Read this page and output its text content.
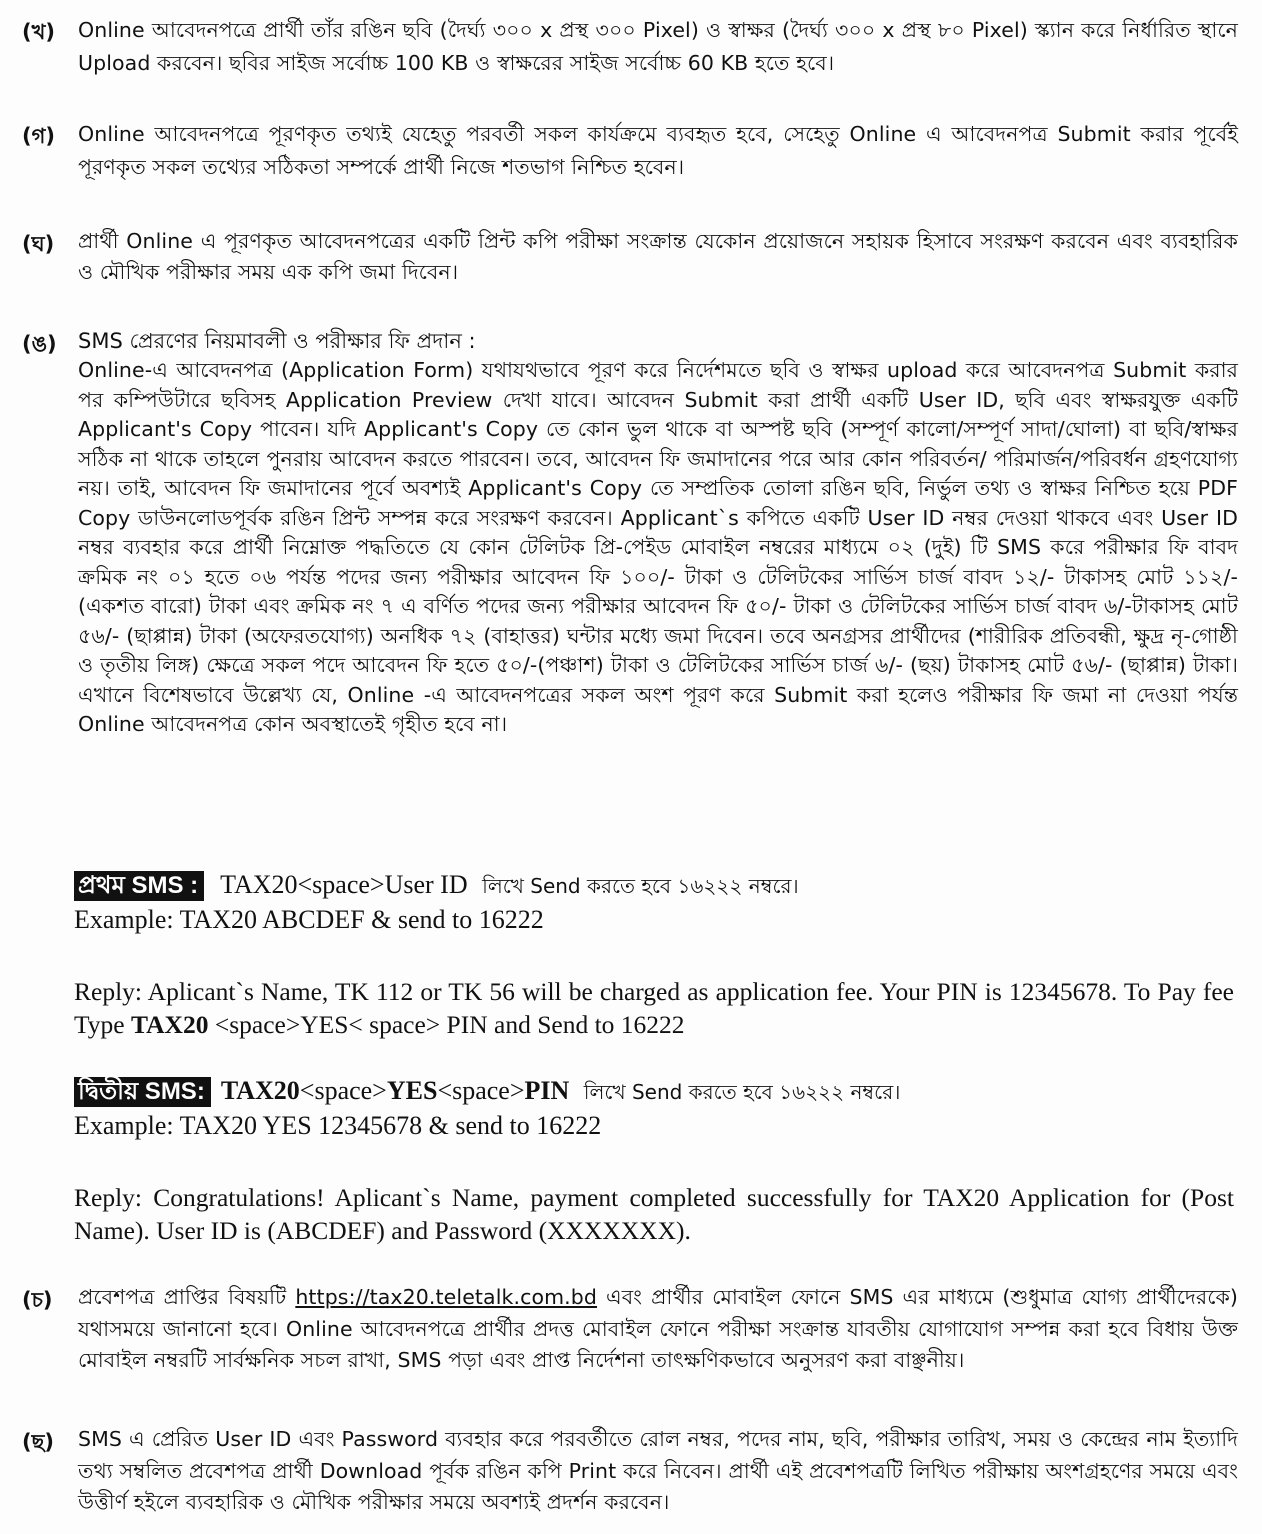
(খ)	Online আবেদনপত্রে প্রার্থী তাঁর রঙিন ছবি (দৈর্ঘ্য ৩০০ x প্রস্থ ৩০০ Pixel) ও স্বাক্ষর (দৈর্ঘ্য ৩০০ x প্রস্থ ৮০ Pixel) স্ক্যান করে নির্ধারিত স্থানে Upload করবেন। ছবির সাইজ সর্বোচ্চ 100 KB ও স্বাক্ষরের সাইজ সর্বোচ্চ 60 KB হতে হবে।
(গ)	Online আবেদনপত্রে পূরণকৃত তথ্যই যেহেতু পরবর্তী সকল কার্যক্রমে ব্যবহৃত হবে, সেহেতু Online এ আবেদনপত্র Submit করার পূর্বেই পূরণকৃত সকল তথ্যের সঠিকতা সম্পর্কে প্রার্থী নিজে শতভাগ নিশ্চিত হবেন।
(ঘ)	প্রার্থী Online এ পূরণকৃত আবেদনপত্রের একটি প্রিন্ট কপি পরীক্ষা সংক্রান্ত যেকোন প্রয়োজনে সহায়ক হিসাবে সংরক্ষণ করবেন এবং ব্যবহারিক ও মৌখিক পরীক্ষার সময় এক কপি জমা দিবেন।
(ঙ)	SMS প্রেরণের নিয়মাবলী ও পরীক্ষার ফি প্রদান :
Online-এ আবেদনপত্র (Application Form) যথাযথভাবে পূরণ করে নির্দেশমতে ছবি ও স্বাক্ষর upload করে আবেদনপত্র Submit করার পর কম্পিউটারে ছবিসহ Application Preview দেখা যাবে। আবেদন Submit করা প্রার্থী একটি User ID, ছবি এবং স্বাক্ষরযুক্ত একটি Applicant's Copy পাবেন। যদি Applicant's Copy তে কোন ভুল থাকে বা অস্পষ্ট ছবি (সম্পূর্ণ কালো/সম্পূর্ণ সাদা/ঘোলা) বা ছবি/স্বাক্ষর সঠিক না থাকে তাহলে পুনরায় আবেদন করতে পারবেন। তবে, আবেদন ফি জমাদানের পরে আর কোন পরিবর্তন/ পরিমার্জন/পরিবর্ধন গ্রহণযোগ্য নয়। তাই, আবেদন ফি জমাদানের পূর্বে অবশ্যই Applicant's Copy তে সম্প্রতিক তোলা রঙিন ছবি, নির্ভুল তথ্য ও স্বাক্ষর নিশ্চিত হয়ে PDF Copy ডাউনলোডপূর্বক রঙিন প্রিন্ট সম্পন্ন করে সংরক্ষণ করবেন। Applicant`s কপিতে একটি User ID নম্বর দেওয়া থাকবে এবং User ID নম্বর ব্যবহার করে প্রার্থী নিম্নোক্ত পদ্ধতিতে যে কোন টেলিটক প্রি-পেইড মোবাইল নম্বরের মাধ্যমে ০২ (দুই) টি SMS করে পরীক্ষার ফি বাবদ ক্রমিক নং ০১ হতে ০৬ পর্যন্ত পদের জন্য পরীক্ষার আবেদন ফি ১০০/- টাকা ও টেলিটকের সার্ভিস চার্জ বাবদ ১২/- টাকাসহ মোট ১১২/- (একশত বারো) টাকা এবং ক্রমিক নং ৭ এ বর্ণিত পদের জন্য পরীক্ষার আবেদন ফি ৫০/- টাকা ও টেলিটকের সার্ভিস চার্জ বাবদ ৬/-টাকাসহ মোট ৫৬/- (ছাপ্পান্ন) টাকা (অফেরতযোগ্য) অনধিক ৭২ (বাহাত্তর) ঘন্টার মধ্যে জমা দিবেন। তবে অনগ্রসর প্রার্থীদের (শারীরিক প্রতিবন্ধী, ক্ষুদ্র নৃ-গোষ্ঠী ও তৃতীয় লিঙ্গ) ক্ষেত্রে সকল পদে আবেদন ফি হতে ৫০/-(পঞ্চাশ) টাকা ও টেলিটকের সার্ভিস চার্জ ৬/- (ছয়) টাকাসহ মোট ৫৬/- (ছাপ্পান্ন) টাকা। এখানে বিশেষভাবে উল্লেখ্য যে, Online -এ আবেদনপত্রের সকল অংশ পূরণ করে Submit করা হলেও পরীক্ষার ফি জমা না দেওয়া পর্যন্ত Online আবেদনপত্র কোন অবস্থাতেই গৃহীত হবে না।
প্রথম SMS : TAX20<space>User ID লিখে Send করতে হবে ১৬২২২ নম্বরে।
Example: TAX20 ABCDEF & send to 16222
Reply: Aplicant`s Name, TK 112 or TK 56 will be charged as application fee. Your PIN is 12345678. To Pay fee Type TAX20 <space>YES< space> PIN and Send to 16222
দ্বিতীয় SMS: TAX20<space>YES<space>PIN লিখে Send করতে হবে ১৬২২২ নম্বরে।
Example: TAX20 YES 12345678 & send to 16222
Reply: Congratulations! Aplicant`s Name, payment completed successfully for TAX20 Application for (Post Name). User ID is (ABCDEF) and Password (XXXXXXX).
(চ)	প্রবেশপত্র প্রাপ্তির বিষয়টি https://tax20.teletalk.com.bd এবং প্রার্থীর মোবাইল ফোনে SMS এর মাধ্যমে (শুধুমাত্র যোগ্য প্রার্থীদেরকে) যথাসময়ে জানানো হবে। Online আবেদনপত্রে প্রার্থীর প্রদত্ত মোবাইল ফোনে পরীক্ষা সংক্রান্ত যাবতীয় যোগাযোগ সম্পন্ন করা হবে বিধায় উক্ত মোবাইল নম্বরটি সার্বক্ষনিক সচল রাখা, SMS পড়া এবং প্রাপ্ত নির্দেশনা তাৎক্ষণিকভাবে অনুসরণ করা বাঞ্ছনীয়।
(ছ)	SMS এ প্রেরিত User ID এবং Password ব্যবহার করে পরবর্তীতে রোল নম্বর, পদের নাম, ছবি, পরীক্ষার তারিখ, সময় ও কেন্দ্রের নাম ইত্যাদি তথ্য সম্বলিত প্রবেশপত্র প্রার্থী Download পূর্বক রঙিন কপি Print করে নিবেন। প্রার্থী এই প্রবেশপত্রটি লিখিত পরীক্ষায় অংশগ্রহণের সময়ে এবং উত্তীর্ণ হইলে ব্যবহারিক ও মৌখিক পরীক্ষার সময়ে অবশ্যই প্রদর্শন করবেন।
